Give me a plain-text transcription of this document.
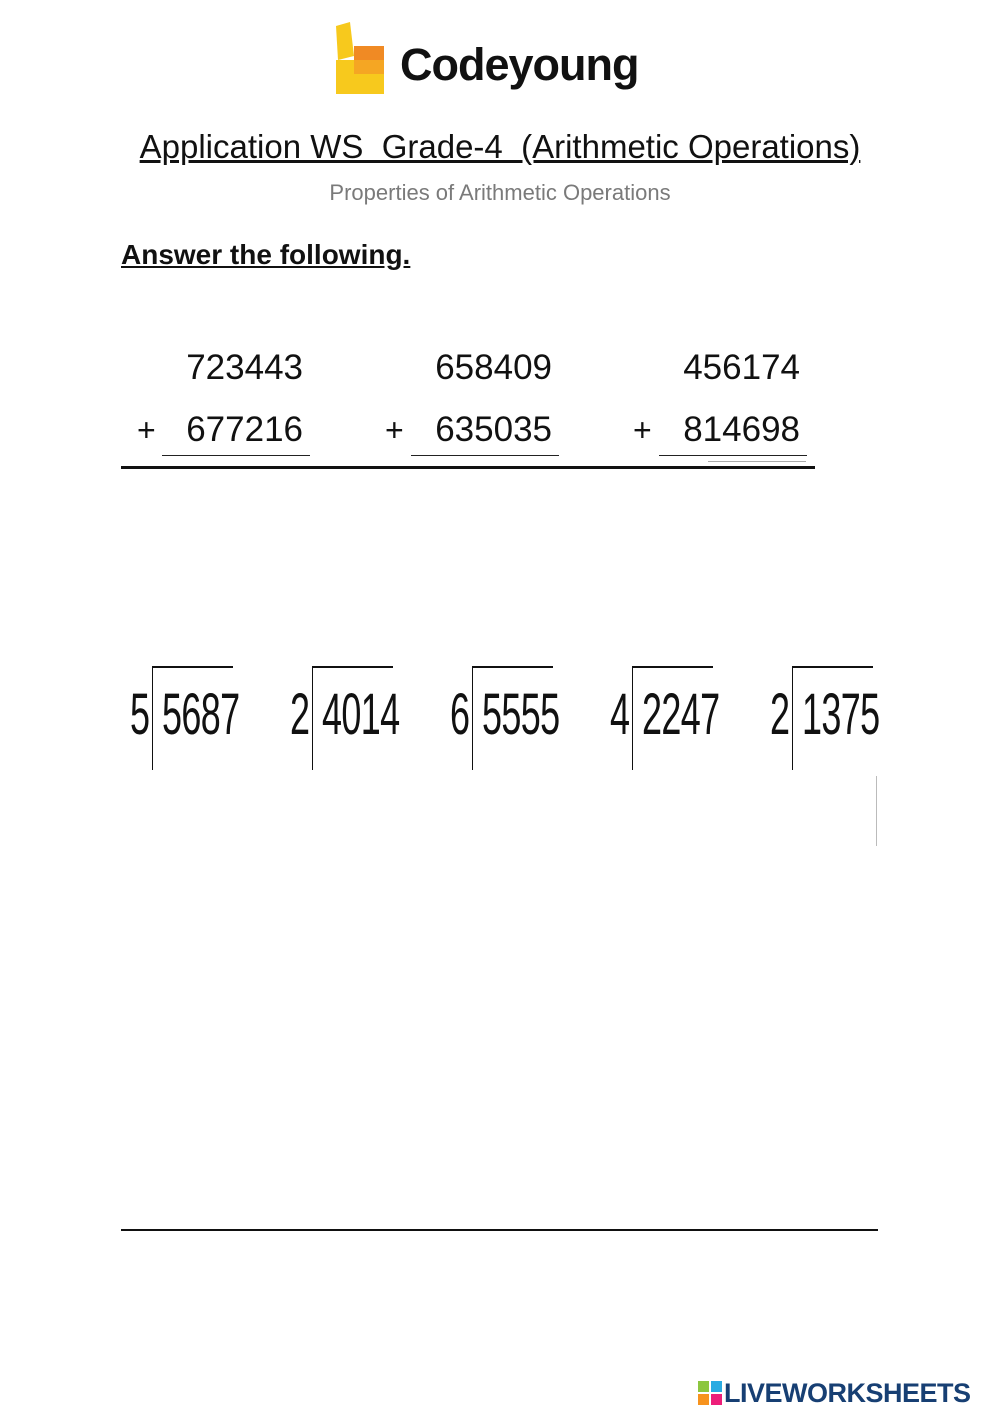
Codeyoung
Application WS  Grade-4  (Arithmetic Operations)
Properties of Arithmetic Operations
Answer the following.
723443
+ 677216
658409
+ 635035
456174
+ 814698
5 5687 2 4014 6 5555 4 2247 2 1375
LIVEWORKSHEETS
